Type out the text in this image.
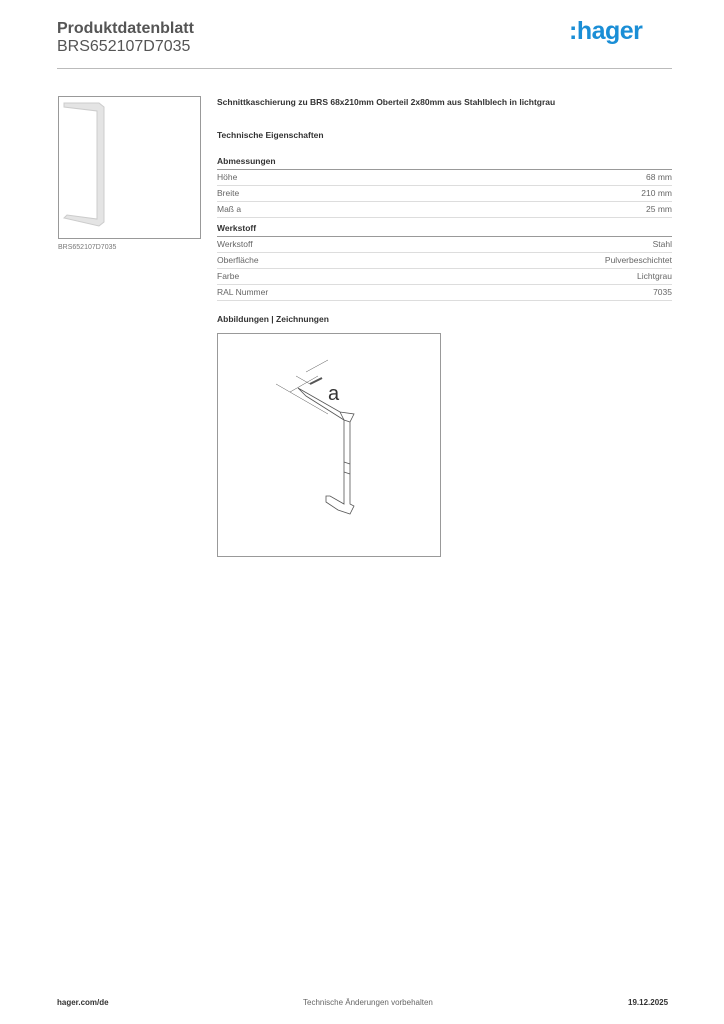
Produktdatenblatt
BRS652107D7035
:hager
BRS652107D7035
Schnittkaschierung zu BRS 68x210mm Oberteil 2x80mm aus Stahlblech in lichtgrau
Technische Eigenschaften
Abmessungen
Höhe	68 mm
Breite	210 mm
Maß a	25 mm
Werkstoff
Werkstoff	Stahl
Oberfläche	Pulverbeschichtet
Farbe	Lichtgrau
RAL Nummer	7035
Abbildungen | Zeichnungen
a
hager.com/de	Technische Änderungen vorbehalten	19.12.2025
